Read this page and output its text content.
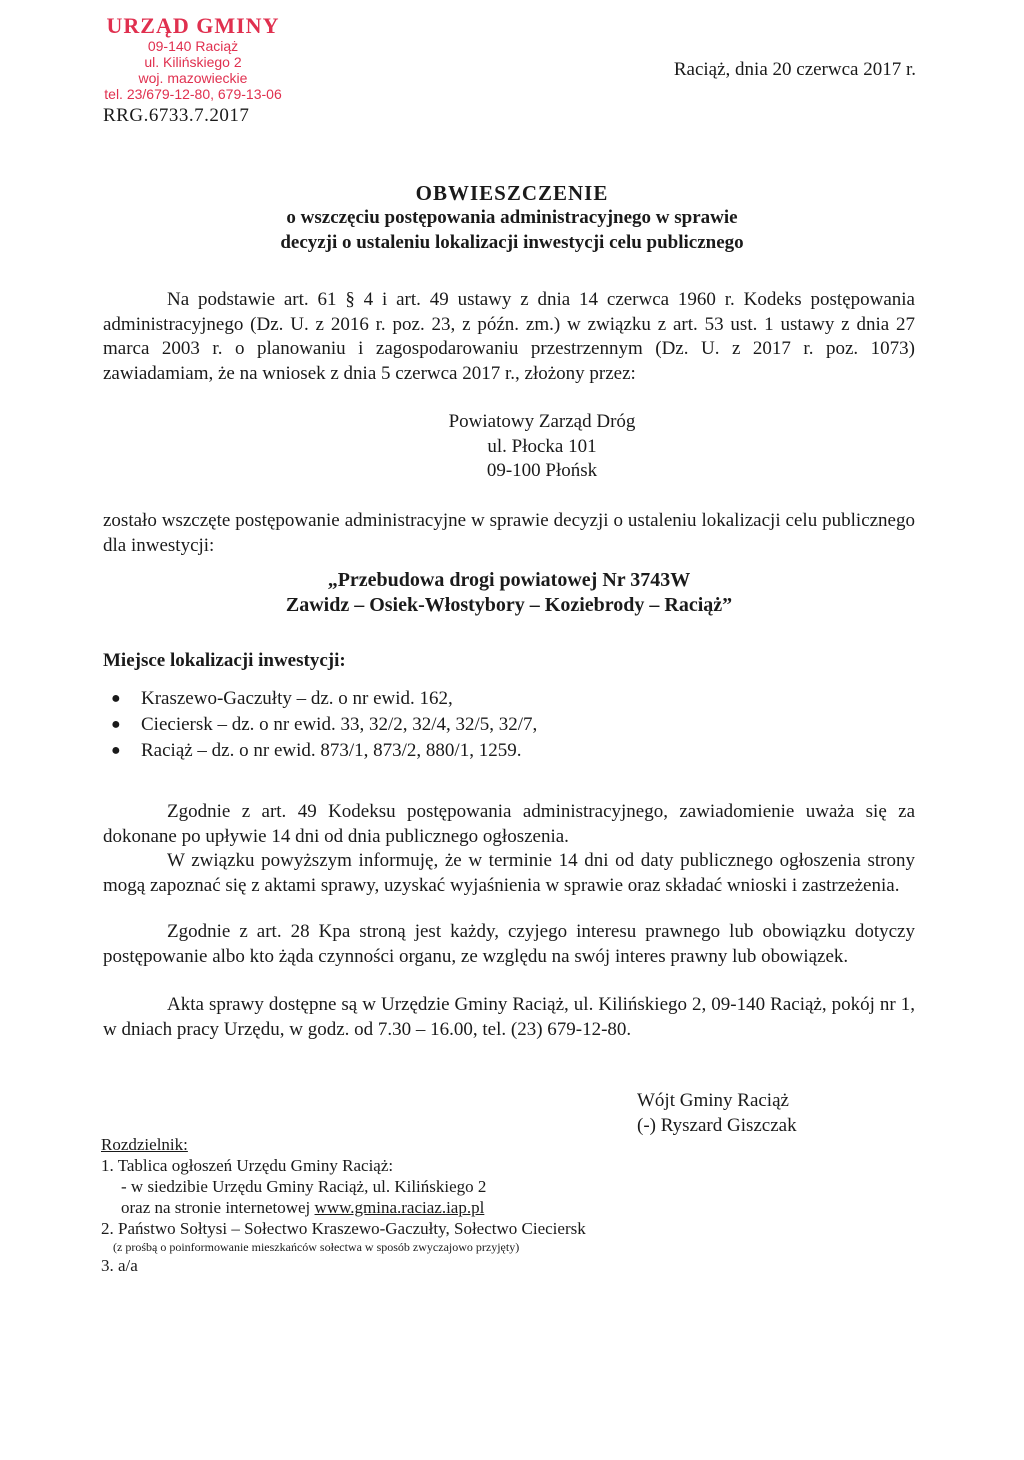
URZĄD GMINY
09-140 Raciąż
ul. Kilińskiego 2
woj. mazowieckie
tel. 23/679-12-80, 679-13-06
RRG.6733.7.2017
Raciąż, dnia 20 czerwca 2017 r.
OBWIESZCZENIE
o wszczęciu postępowania administracyjnego w sprawie
decyzji o ustaleniu lokalizacji inwestycji celu publicznego
Na podstawie art. 61 § 4 i art. 49 ustawy z dnia 14 czerwca 1960 r. Kodeks postępowania administracyjnego (Dz. U. z 2016 r. poz. 23, z późn. zm.) w związku z art. 53 ust. 1 ustawy z dnia 27 marca 2003 r. o planowaniu i zagospodarowaniu przestrzennym (Dz. U. z 2017 r. poz. 1073) zawiadamiam, że na wniosek z dnia 5 czerwca 2017 r., złożony przez:
Powiatowy Zarząd Dróg
ul. Płocka 101
09-100 Płońsk
zostało wszczęte postępowanie administracyjne w sprawie decyzji o ustaleniu lokalizacji celu publicznego dla inwestycji:
„Przebudowa drogi powiatowej Nr 3743W
Zawidz – Osiek-Włostybory – Koziebrody – Raciąż”
Miejsce lokalizacji inwestycji:
● Kraszewo-Gaczułty – dz. o nr ewid. 162,
● Cieciersk – dz. o nr ewid. 33, 32/2, 32/4, 32/5, 32/7,
● Raciąż – dz. o nr ewid. 873/1, 873/2, 880/1, 1259.
Zgodnie z art. 49 Kodeksu postępowania administracyjnego, zawiadomienie uważa się za dokonane po upływie 14 dni od dnia publicznego ogłoszenia.
W związku powyższym informuję, że w terminie 14 dni od daty publicznego ogłoszenia strony mogą zapoznać się z aktami sprawy, uzyskać wyjaśnienia w sprawie oraz składać wnioski i zastrzeżenia.
Zgodnie z art. 28 Kpa stroną jest każdy, czyjego interesu prawnego lub obowiązku dotyczy postępowanie albo kto żąda czynności organu, ze względu na swój interes prawny lub obowiązek.
Akta sprawy dostępne są w Urzędzie Gminy Raciąż, ul. Kilińskiego 2, 09-140 Raciąż, pokój nr 1, w dniach pracy Urzędu, w godz. od 7.30 – 16.00, tel. (23) 679-12-80.
Wójt Gminy Raciąż
(-) Ryszard Giszczak
Rozdzielnik:
1. Tablica ogłoszeń Urzędu Gminy Raciąż:
- w siedzibie Urzędu Gminy Raciąż, ul. Kilińskiego 2
oraz na stronie internetowej www.gmina.raciaz.iap.pl
2. Państwo Sołtysi – Sołectwo Kraszewo-Gaczułty, Sołectwo Cieciersk
(z prośbą o poinformowanie mieszkańców sołectwa w sposób zwyczajowo przyjęty)
3. a/a
